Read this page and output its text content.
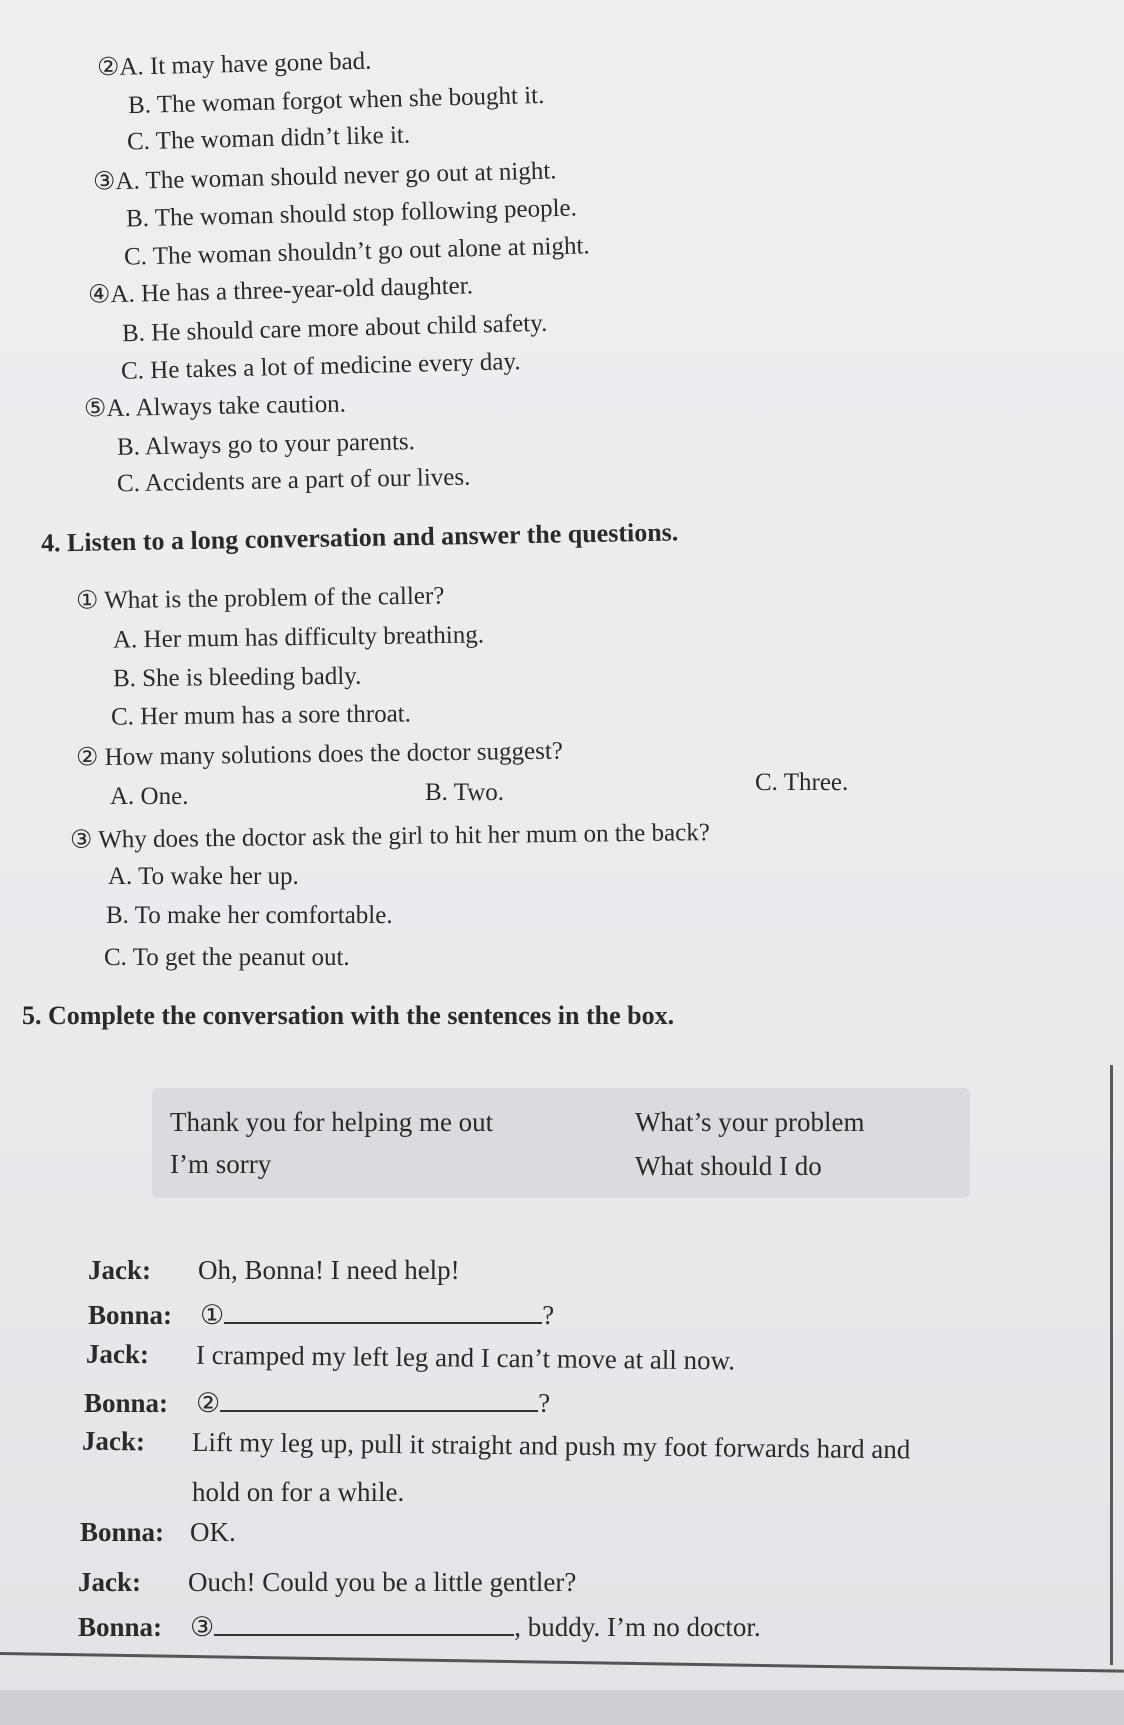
②A. It may have gone bad.
B. The woman forgot when she bought it.
C. The woman didn’t like it.
③A. The woman should never go out at night.
B. The woman should stop following people.
C. The woman shouldn’t go out alone at night.
④A. He has a three-year-old daughter.
B. He should care more about child safety.
C. He takes a lot of medicine every day.
⑤A. Always take caution.
B. Always go to your parents.
C. Accidents are a part of our lives.
4. Listen to a long conversation and answer the questions.
① What is the problem of the caller?
A. Her mum has difficulty breathing.
B. She is bleeding badly.
C. Her mum has a sore throat.
② How many solutions does the doctor suggest?
A. One.	B. Two.	C. Three.
③ Why does the doctor ask the girl to hit her mum on the back?
A. To wake her up.
B. To make her comfortable.
C. To get the peanut out.
5. Complete the conversation with the sentences in the box.
Thank you for helping me out	What’s your problem
I’m sorry	What should I do
Jack: Oh, Bonna! I need help!
Bonna: ①	?
Jack: I cramped my left leg and I can’t move at all now.
Bonna: ②	?
Jack: Lift my leg up, pull it straight and push my foot forwards hard and
hold on for a while.
Bonna: OK.
Jack: Ouch! Could you be a little gentler?
Bonna: ③	, buddy. I’m no doctor.
